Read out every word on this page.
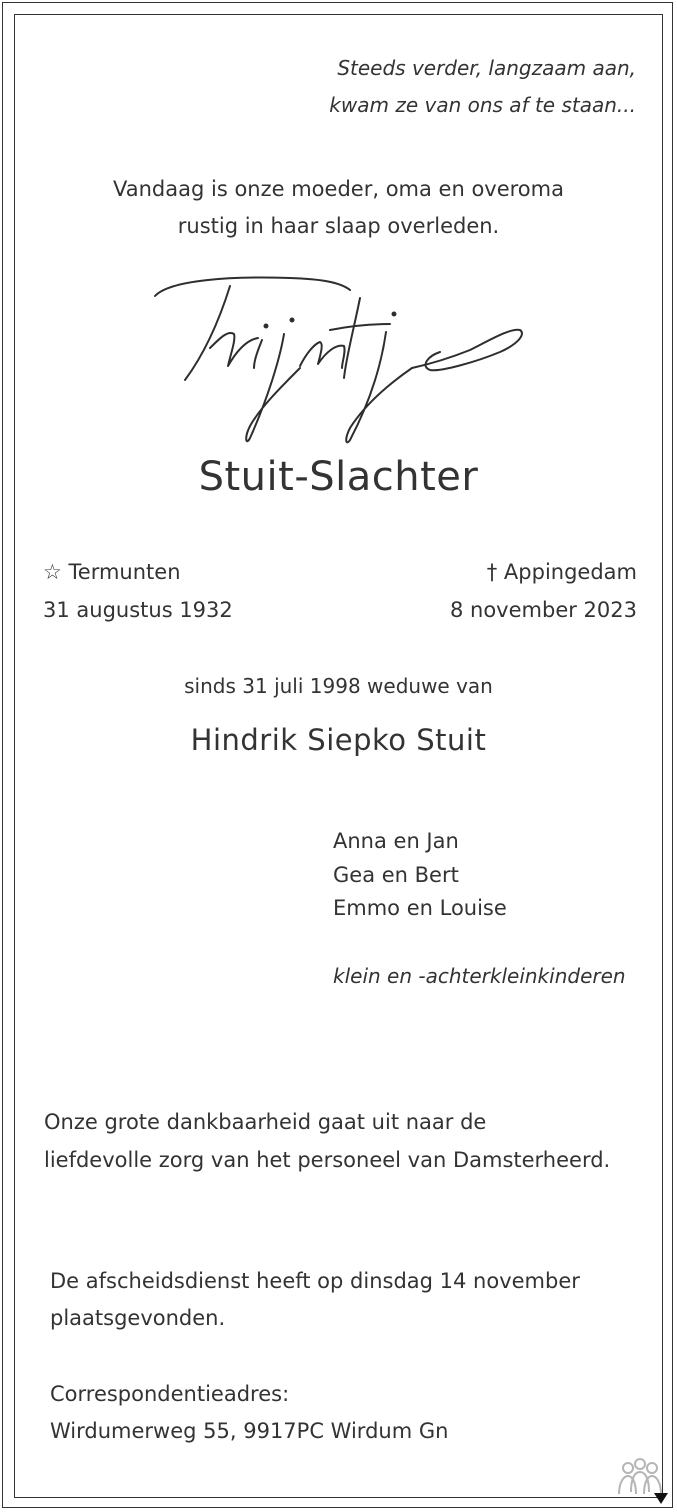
Steeds verder, langzaam aan,
kwam ze van ons af te staan...
Vandaag is onze moeder, oma en overoma
rustig in haar slaap overleden.
Stuit-Slachter
☆ Termunten
31 augustus 1932
† Appingedam
8 november 2023
sinds 31 juli 1998 weduwe van
Hindrik Siepko Stuit
Anna en Jan
Gea en Bert
Emmo en Louise
klein en -achterkleinkinderen
Onze grote dankbaarheid gaat uit naar de
liefdevolle zorg van het personeel van Damsterheerd.
De afscheidsdienst heeft op dinsdag 14 november
plaatsgevonden.
Correspondentieadres:
Wirdumerweg 55, 9917PC Wirdum Gn
